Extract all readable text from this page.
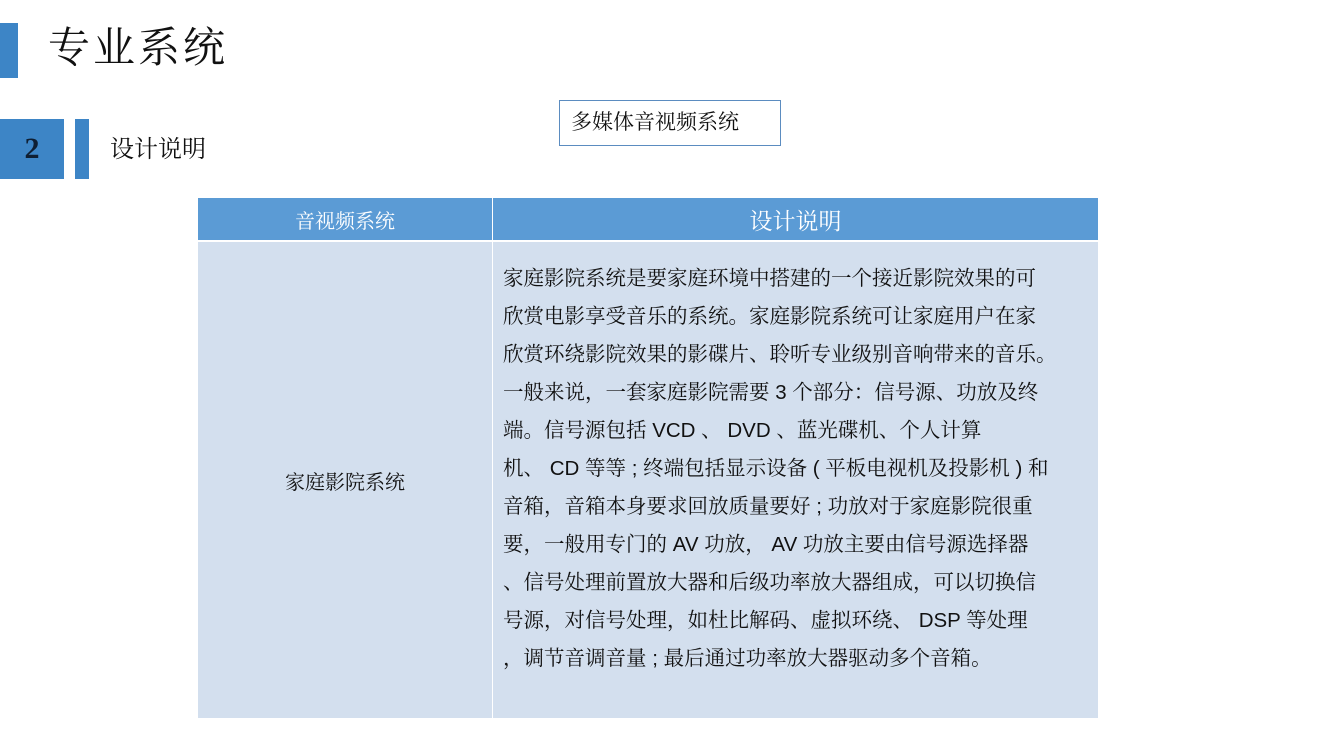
专业系统
2	设计说明
多媒体音视频系统
音视频系统	设计说明
家庭影院系统
家庭影院系统是要家庭环境中搭建的一个接近影院效果的可
欣赏电影享受音乐的系统。家庭影院系统可让家庭用户在家
欣赏环绕影院效果的影碟片、聆听专业级别音响带来的音乐。
一般来说，一套家庭影院需要 3 个部分：信号源、功放及终
端。信号源包括 VCD 、 DVD 、蓝光碟机、个人计算
机、 CD 等等 ; 终端包括显示设备 ( 平板电视机及投影机 ) 和
音箱，音箱本身要求回放质量要好 ; 功放对于家庭影院很重
要，一般用专门的 AV 功放， AV 功放主要由信号源选择器
、信号处理前置放大器和后级功率放大器组成，可以切换信
号源，对信号处理，如杜比解码、虚拟环绕、 DSP 等处理
，调节音调音量 ; 最后通过功率放大器驱动多个音箱。
